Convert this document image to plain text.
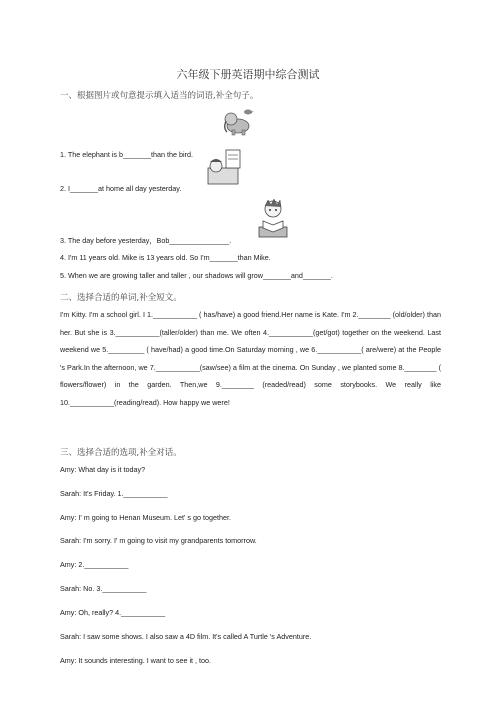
六年级下册英语期中综合测试
一、根据图片或句意提示填入适当的词语,补全句子。
1. The elephant is b_______than the bird.
2. I_______at home all day yesterday.
3. The day before yesterday，Bob_______________.
4. I'm 11 years old. Mike is 13 years old. So I'm_______than Mike.
5. When we are growing taller and taller , our shadows will grow_______and_______.
二、选择合适的单词,补全短文。
I'm Kitty. I'm a school girl. I 1.___________ ( has/have) a good friend.Her name is Kate. I'm 2.________ (old/older) than her. But she is 3.___________(taller/older) than me. We often 4.___________(get/got) together on the weekend. Last weekend we 5._________ ( have/had) a good time.On Saturday morning , we 6.___________( are/were) at the People 's Park.In the afternoon, we 7.___________(saw/see) a film at the cinema. On Sunday , we planted some 8.________ ( flowers/flower) in the garden. Then,we 9.________ (readed/read) some storybooks. We really like 10.___________(reading/read). How happy we were!
三、选择合适的选项,补全对话。
Amy: What day is it today?
Sarah: It's Friday. 1.___________
Amy: I' m going to Henan Museum. Let' s go together.
Sarah: I'm sorry. I' m going to visit my grandparents tomorrow.
Amy: 2.___________
Sarah: No. 3.___________
Amy: Oh, really? 4.___________
Sarah: I saw some shows. I also saw a 4D film. It's called A Turtle 's Adventure.
Amy: It sounds interesting. I want to see it , too.
